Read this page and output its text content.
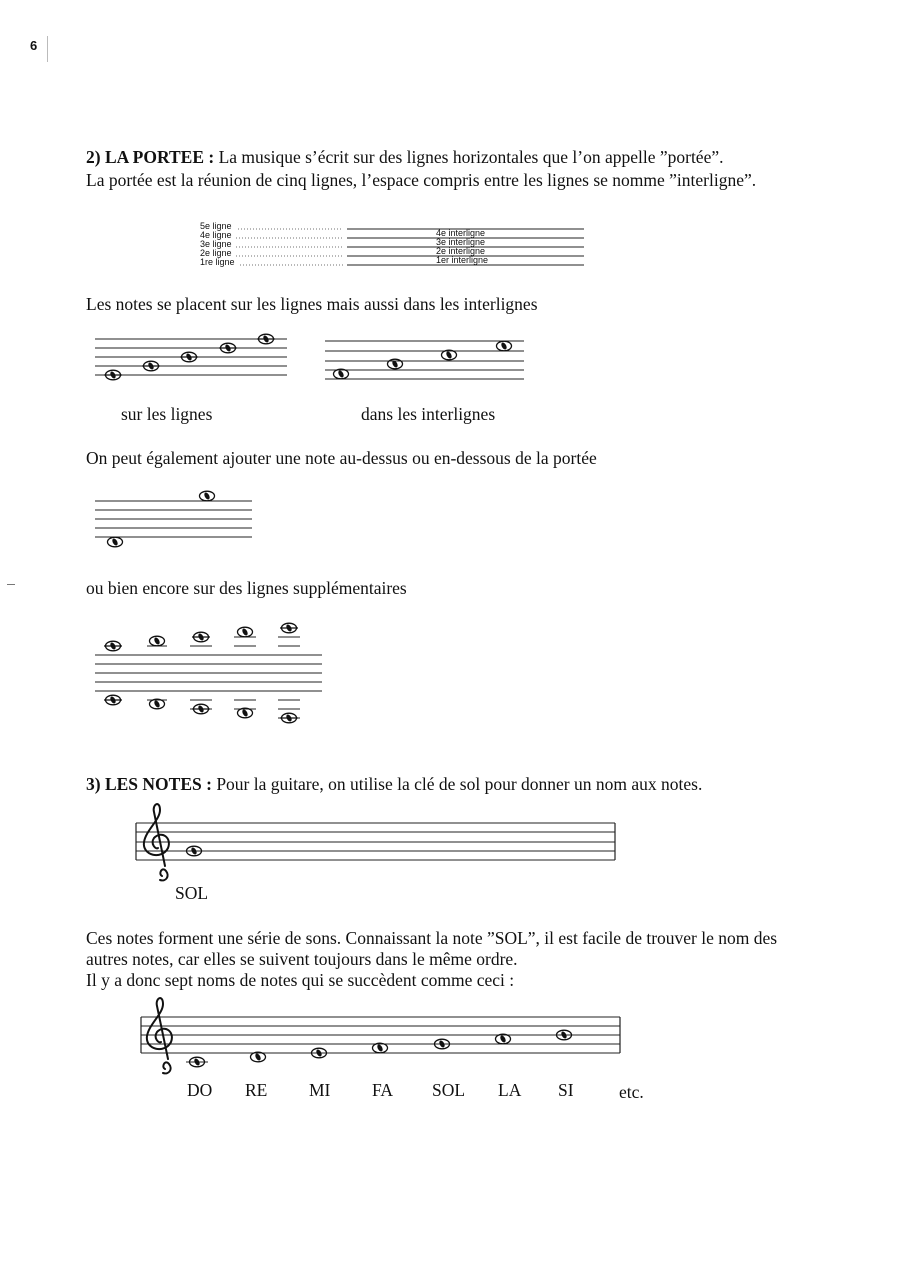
6
2) LA PORTEE : La musique s’écrit sur des lignes horizontales que l’on appelle ”portée”.
La portée est la réunion de cinq lignes, l’espace compris entre les lignes se nomme ”interligne”.
5e ligne
4e ligne
3e ligne
2e ligne
1re ligne
4e interligne
3e interligne
2e interligne
1er interligne
Les notes se placent sur les lignes mais aussi dans les interlignes
sur les lignes	dans les interlignes
On peut également ajouter une note au-dessus ou en-dessous de la portée
ou bien encore sur des lignes supplémentaires
3) LES NOTES : Pour la guitare, on utilise la clé de sol pour donner un nom aux notes.
SOL
Ces notes forment une série de sons. Connaissant la note ”SOL”, il est facile de trouver le nom des
autres notes, car elles se suivent toujours dans le même ordre.
Il y a donc sept noms de notes qui se succèdent comme ceci :
DO RE MI FA SOL LA SI	etc.
